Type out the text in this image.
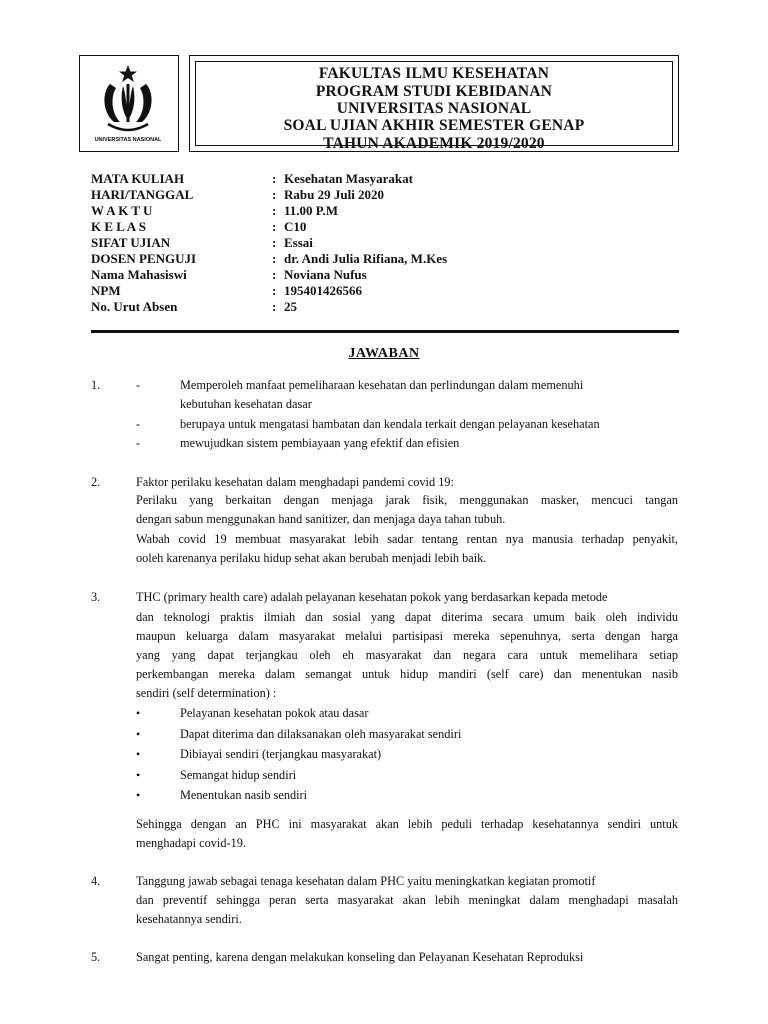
UNIVERSITAS NASIONAL
FAKULTAS ILMU KESEHATAN
PROGRAM STUDI KEBIDANAN
UNIVERSITAS NASIONAL
SOAL UJIAN AKHIR SEMESTER GENAP
TAHUN AKADEMIK 2019/2020
MATA KULIAH	: Kesehatan Masyarakat
HARI/TANGGAL	: Rabu 29 Juli 2020
W A K T U	: 11.00 P.M
K E L A S	: C10
SIFAT UJIAN	: Essai
DOSEN PENGUJI	: dr. Andi Julia Rifiana, M.Kes
Nama Mahasiswi	: Noviana Nufus
NPM	: 195401426566
No. Urut Absen	: 25
JAWABAN
1.	-	Memperoleh manfaat pemeliharaan kesehatan dan perlindungan dalam memenuhi
kebutuhan kesehatan dasar
-	berupaya untuk mengatasi hambatan dan kendala terkait dengan pelayanan kesehatan
-	mewujudkan sistem pembiayaan yang efektif dan efisien
2.	Faktor perilaku kesehatan dalam menghadapi pandemi covid 19:
Perilaku yang berkaitan dengan menjaga jarak fisik, menggunakan masker, mencuci tangan
dengan sabun menggunakan hand sanitizer, dan menjaga daya tahan tubuh.
Wabah covid 19 membuat masyarakat lebih sadar tentang rentan nya manusia terhadap penyakit,
ooleh karenanya perilaku hidup sehat akan berubah menjadi lebih baik.
3.	THC (primary health care) adalah pelayanan kesehatan pokok yang berdasarkan kepada metode
dan teknologi praktis ilmiah dan sosial yang dapat diterima secara umum baik oleh individu
maupun keluarga dalam masyarakat melalui partisipasi mereka sepenuhnya, serta dengan harga
yang yang dapat terjangkau oleh eh masyarakat dan negara cara untuk memelihara setiap
perkembangan mereka dalam semangat untuk hidup mandiri (self care) dan menentukan nasib
sendiri (self determination) :
•	Pelayanan kesehatan pokok atau dasar
•	Dapat diterima dan dilaksanakan oleh masyarakat sendiri
•	Dibiayai sendiri (terjangkau masyarakat)
•	Semangat hidup sendiri
•	Menentukan nasib sendiri
Sehingga dengan an PHC ini masyarakat akan lebih peduli terhadap kesehatannya sendiri untuk
menghadapi covid-19.
4.	Tanggung jawab sebagai tenaga kesehatan dalam PHC yaitu meningkatkan kegiatan promotif
dan preventif sehingga peran serta masyarakat akan lebih meningkat dalam menghadapi masalah
kesehatannya sendiri.
5.	Sangat penting, karena dengan melakukan konseling dan Pelayanan Kesehatan Reproduksi
